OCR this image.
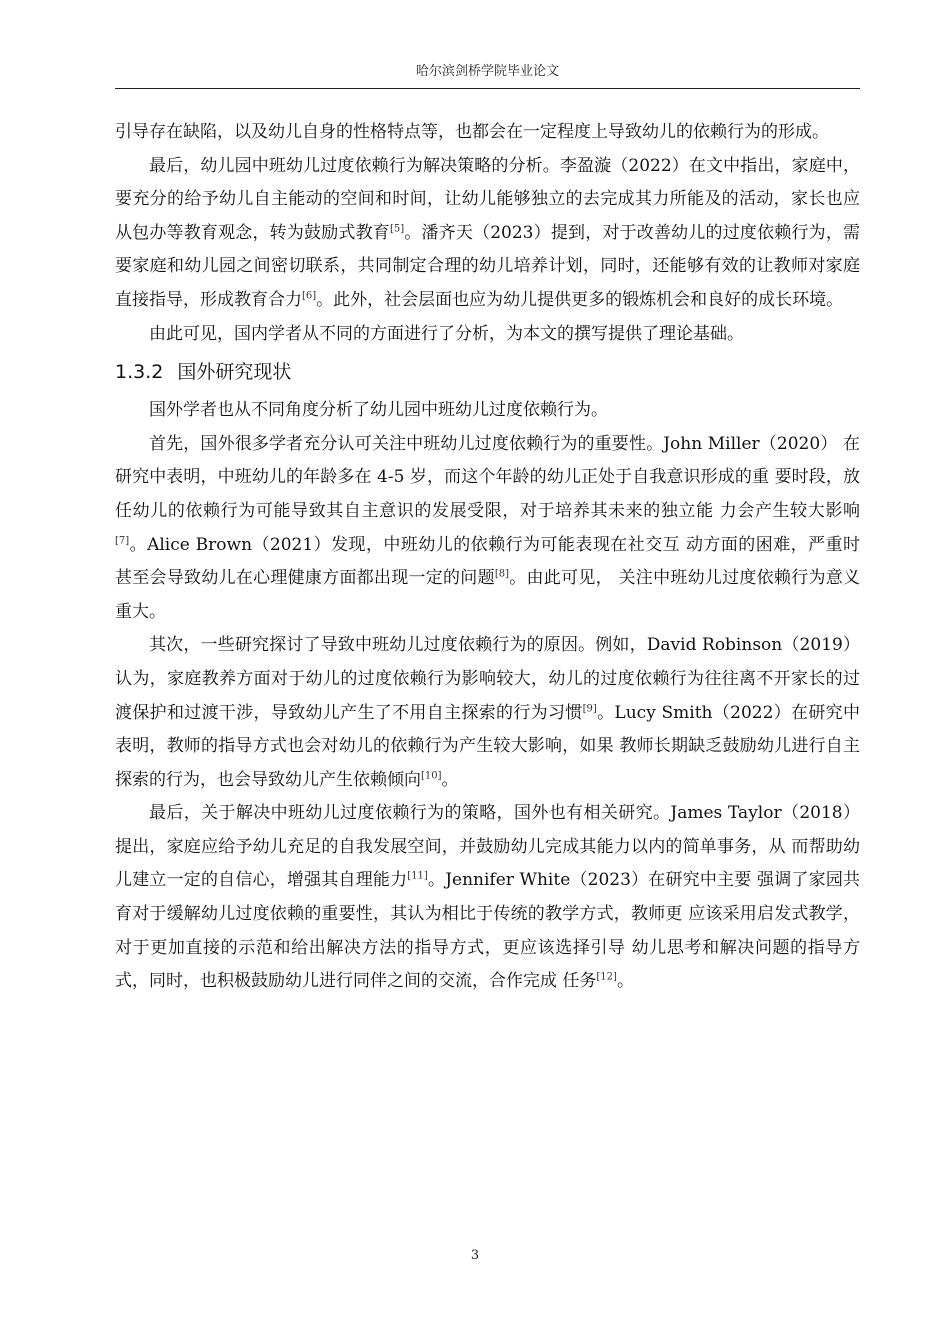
哈尔滨剑桥学院毕业论文

引导存在缺陷，以及幼儿自身的性格特点等，也都会在一定程度上导致幼儿的依赖行为的形成。

最后，幼儿园中班幼儿过度依赖行为解决策略的分析。李盈漩（2022）在文中指出，家庭中，要充分的给予幼儿自主能动的空间和时间，让幼儿能够独立的去完成其力所能及的活动，家长也应从包办等教育观念，转为鼓励式教育[5]。潘齐天（2023）提到，对于改善幼儿的过度依赖行为，需要家庭和幼儿园之间密切联系，共同制定合理的幼儿培养计划，同时，还能够有效的让教师对家庭直接指导，形成教育合力[6]。此外，社会层面也应为幼儿提供更多的锻炼机会和良好的成长环境。

由此可见，国内学者从不同的方面进行了分析，为本文的撰写提供了理论基础。

1.3.2 国外研究现状

国外学者也从不同角度分析了幼儿园中班幼儿过度依赖行为。

首先，国外很多学者充分认可关注中班幼儿过度依赖行为的重要性。John Miller（2020） 在研究中表明，中班幼儿的年龄多在 4-5 岁，而这个年龄的幼儿正处于自我意识形成的重 要时段，放任幼儿的依赖行为可能导致其自主意识的发展受限，对于培养其未来的独立能 力会产生较大影响[7]。Alice Brown（2021）发现，中班幼儿的依赖行为可能表现在社交互 动方面的困难，严重时甚至会导致幼儿在心理健康方面都出现一定的问题[8]。由此可见， 关注中班幼儿过度依赖行为意义重大。

其次，一些研究探讨了导致中班幼儿过度依赖行为的原因。例如，David Robinson（2019）认为，家庭教养方面对于幼儿的过度依赖行为影响较大，幼儿的过度依赖行为往往离不开家长的过渡保护和过渡干涉，导致幼儿产生了不用自主探索的行为习惯[9]。Lucy Smith（2022）在研究中表明，教师的指导方式也会对幼儿的依赖行为产生较大影响，如果 教师长期缺乏鼓励幼儿进行自主探索的行为，也会导致幼儿产生依赖倾向[10]。

最后，关于解决中班幼儿过度依赖行为的策略，国外也有相关研究。James Taylor（2018） 提出，家庭应给予幼儿充足的自我发展空间，并鼓励幼儿完成其能力以内的简单事务，从 而帮助幼儿建立一定的自信心，增强其自理能力[11]。Jennifer White（2023）在研究中主要 强调了家园共育对于缓解幼儿过度依赖的重要性，其认为相比于传统的教学方式，教师更 应该采用启发式教学，对于更加直接的示范和给出解决方法的指导方式，更应该选择引导 幼儿思考和解决问题的指导方式，同时，也积极鼓励幼儿进行同伴之间的交流，合作完成 任务[12]。

3
